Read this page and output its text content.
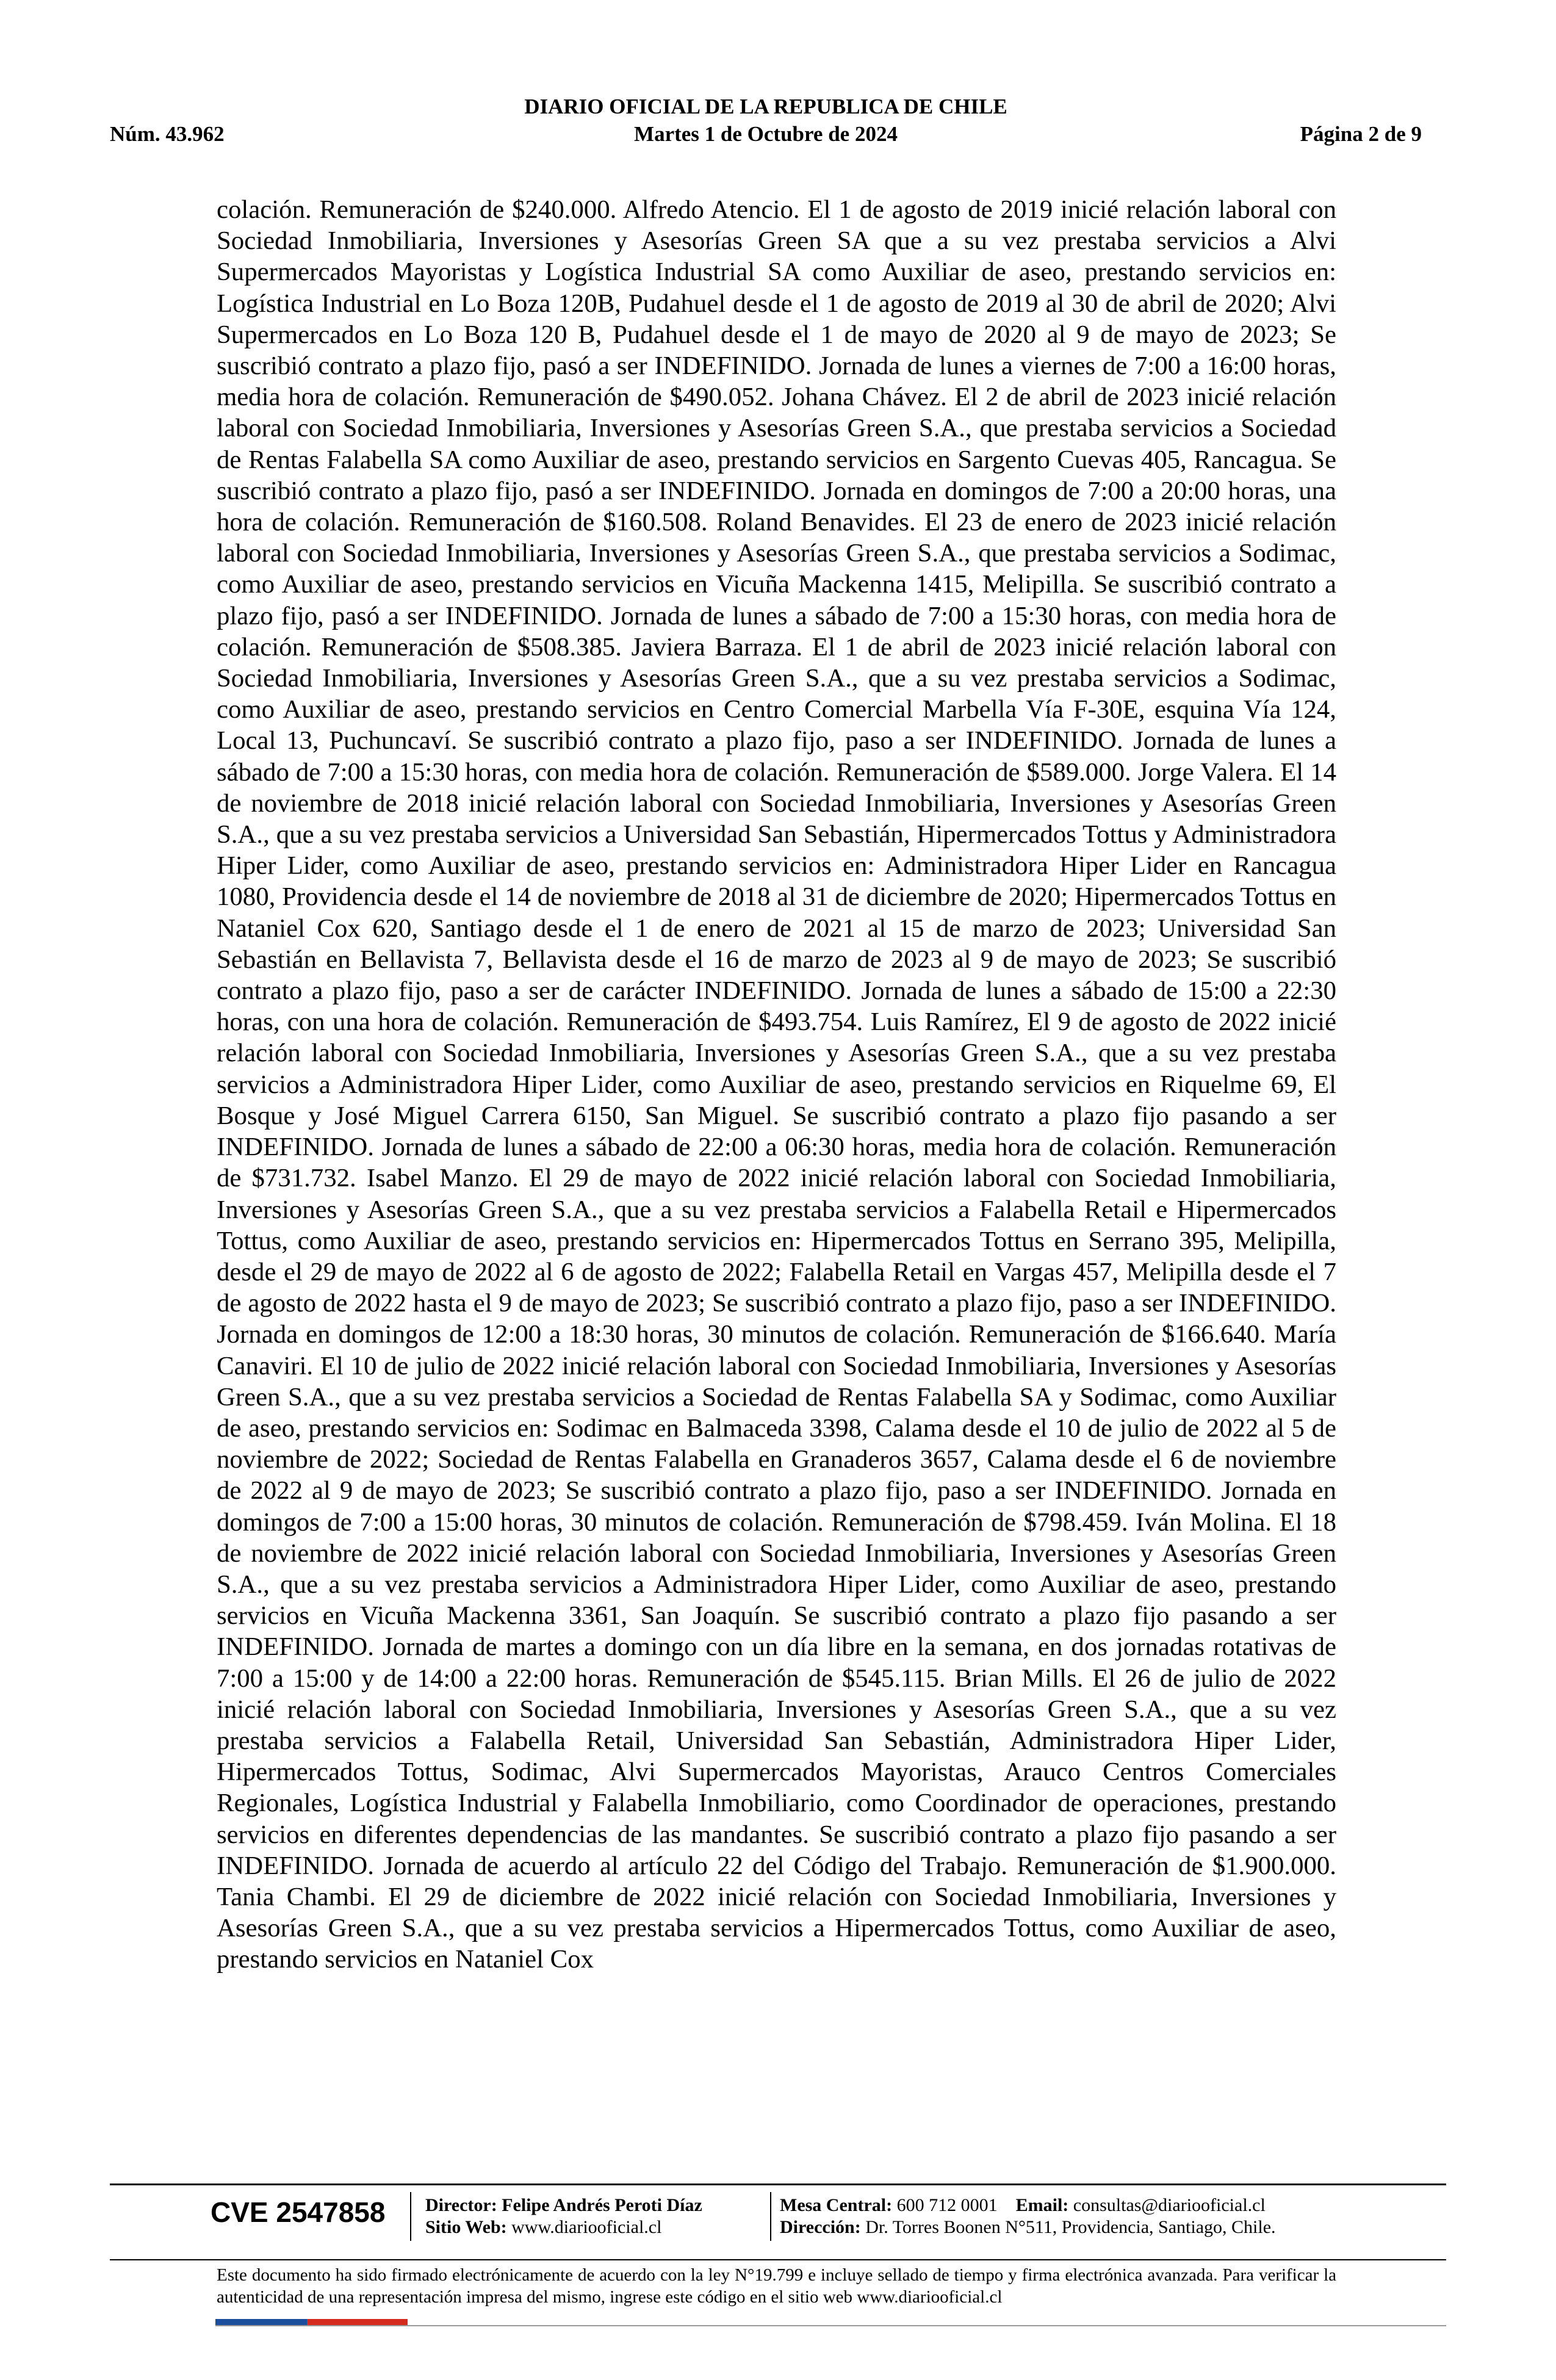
DIARIO OFICIAL DE LA REPUBLICA DE CHILE
Núm. 43.962	Martes 1 de Octubre de 2024	Página 2 de 9
colación. Remuneración de $240.000. Alfredo Atencio. El 1 de agosto de 2019 inicié relación laboral con Sociedad Inmobiliaria, Inversiones y Asesorías Green SA que a su vez prestaba servicios a Alvi Supermercados Mayoristas y Logística Industrial SA como Auxiliar de aseo, prestando servicios en: Logística Industrial en Lo Boza 120B, Pudahuel desde el 1 de agosto de 2019 al 30 de abril de 2020; Alvi Supermercados en Lo Boza 120 B, Pudahuel desde el 1 de mayo de 2020 al 9 de mayo de 2023; Se suscribió contrato a plazo fijo, pasó a ser INDEFINIDO. Jornada de lunes a viernes de 7:00 a 16:00 horas, media hora de colación. Remuneración de $490.052. Johana Chávez. El 2 de abril de 2023 inicié relación laboral con Sociedad Inmobiliaria, Inversiones y Asesorías Green S.A., que prestaba servicios a Sociedad de Rentas Falabella SA como Auxiliar de aseo, prestando servicios en Sargento Cuevas 405, Rancagua. Se suscribió contrato a plazo fijo, pasó a ser INDEFINIDO. Jornada en domingos de 7:00 a 20:00 horas, una hora de colación. Remuneración de $160.508. Roland Benavides. El 23 de enero de 2023 inicié relación laboral con Sociedad Inmobiliaria, Inversiones y Asesorías Green S.A., que prestaba servicios a Sodimac, como Auxiliar de aseo, prestando servicios en Vicuña Mackenna 1415, Melipilla. Se suscribió contrato a plazo fijo, pasó a ser INDEFINIDO. Jornada de lunes a sábado de 7:00 a 15:30 horas, con media hora de colación. Remuneración de $508.385. Javiera Barraza. El 1 de abril de 2023 inicié relación laboral con Sociedad Inmobiliaria, Inversiones y Asesorías Green S.A., que a su vez prestaba servicios a Sodimac, como Auxiliar de aseo, prestando servicios en Centro Comercial Marbella Vía F-30E, esquina Vía 124, Local 13, Puchuncaví. Se suscribió contrato a plazo fijo, paso a ser INDEFINIDO. Jornada de lunes a sábado de 7:00 a 15:30 horas, con media hora de colación. Remuneración de $589.000. Jorge Valera. El 14 de noviembre de 2018 inicié relación laboral con Sociedad Inmobiliaria, Inversiones y Asesorías Green S.A., que a su vez prestaba servicios a Universidad San Sebastián, Hipermercados Tottus y Administradora Hiper Lider, como Auxiliar de aseo, prestando servicios en: Administradora Hiper Lider en Rancagua 1080, Providencia desde el 14 de noviembre de 2018 al 31 de diciembre de 2020; Hipermercados Tottus en Nataniel Cox 620, Santiago desde el 1 de enero de 2021 al 15 de marzo de 2023; Universidad San Sebastián en Bellavista 7, Bellavista desde el 16 de marzo de 2023 al 9 de mayo de 2023; Se suscribió contrato a plazo fijo, paso a ser de carácter INDEFINIDO. Jornada de lunes a sábado de 15:00 a 22:30 horas, con una hora de colación. Remuneración de $493.754. Luis Ramírez, El 9 de agosto de 2022 inicié relación laboral con Sociedad Inmobiliaria, Inversiones y Asesorías Green S.A., que a su vez prestaba servicios a Administradora Hiper Lider, como Auxiliar de aseo, prestando servicios en Riquelme 69, El Bosque y José Miguel Carrera 6150, San Miguel. Se suscribió contrato a plazo fijo pasando a ser INDEFINIDO. Jornada de lunes a sábado de 22:00 a 06:30 horas, media hora de colación. Remuneración de $731.732. Isabel Manzo. El 29 de mayo de 2022 inicié relación laboral con Sociedad Inmobiliaria, Inversiones y Asesorías Green S.A., que a su vez prestaba servicios a Falabella Retail e Hipermercados Tottus, como Auxiliar de aseo, prestando servicios en: Hipermercados Tottus en Serrano 395, Melipilla, desde el 29 de mayo de 2022 al 6 de agosto de 2022; Falabella Retail en Vargas 457, Melipilla desde el 7 de agosto de 2022 hasta el 9 de mayo de 2023; Se suscribió contrato a plazo fijo, paso a ser INDEFINIDO. Jornada en domingos de 12:00 a 18:30 horas, 30 minutos de colación. Remuneración de $166.640. María Canaviri. El 10 de julio de 2022 inicié relación laboral con Sociedad Inmobiliaria, Inversiones y Asesorías Green S.A., que a su vez prestaba servicios a Sociedad de Rentas Falabella SA y Sodimac, como Auxiliar de aseo, prestando servicios en: Sodimac en Balmaceda 3398, Calama desde el 10 de julio de 2022 al 5 de noviembre de 2022; Sociedad de Rentas Falabella en Granaderos 3657, Calama desde el 6 de noviembre de 2022 al 9 de mayo de 2023; Se suscribió contrato a plazo fijo, paso a ser INDEFINIDO. Jornada en domingos de 7:00 a 15:00 horas, 30 minutos de colación. Remuneración de $798.459. Iván Molina. El 18 de noviembre de 2022 inicié relación laboral con Sociedad Inmobiliaria, Inversiones y Asesorías Green S.A., que a su vez prestaba servicios a Administradora Hiper Lider, como Auxiliar de aseo, prestando servicios en Vicuña Mackenna 3361, San Joaquín. Se suscribió contrato a plazo fijo pasando a ser INDEFINIDO. Jornada de martes a domingo con un día libre en la semana, en dos jornadas rotativas de 7:00 a 15:00 y de 14:00 a 22:00 horas. Remuneración de $545.115. Brian Mills. El 26 de julio de 2022 inicié relación laboral con Sociedad Inmobiliaria, Inversiones y Asesorías Green S.A., que a su vez prestaba servicios a Falabella Retail, Universidad San Sebastián, Administradora Hiper Lider, Hipermercados Tottus, Sodimac, Alvi Supermercados Mayoristas, Arauco Centros Comerciales Regionales, Logística Industrial y Falabella Inmobiliario, como Coordinador de operaciones, prestando servicios en diferentes dependencias de las mandantes. Se suscribió contrato a plazo fijo pasando a ser INDEFINIDO. Jornada de acuerdo al artículo 22 del Código del Trabajo. Remuneración de $1.900.000. Tania Chambi. El 29 de diciembre de 2022 inicié relación con Sociedad Inmobiliaria, Inversiones y Asesorías Green S.A., que a su vez prestaba servicios a Hipermercados Tottus, como Auxiliar de aseo, prestando servicios en Nataniel Cox
CVE 2547858 Director: Felipe Andrés Peroti Díaz
Sitio Web: www.diariooficial.cl
Mesa Central: 600 712 0001 Email: consultas@diariooficial.cl
Dirección: Dr. Torres Boonen N°511, Providencia, Santiago, Chile.
Este documento ha sido firmado electrónicamente de acuerdo con la ley N°19.799 e incluye sellado de tiempo y firma electrónica avanzada. Para verificar la autenticidad de una representación impresa del mismo, ingrese este código en el sitio web www.diariooficial.cl
